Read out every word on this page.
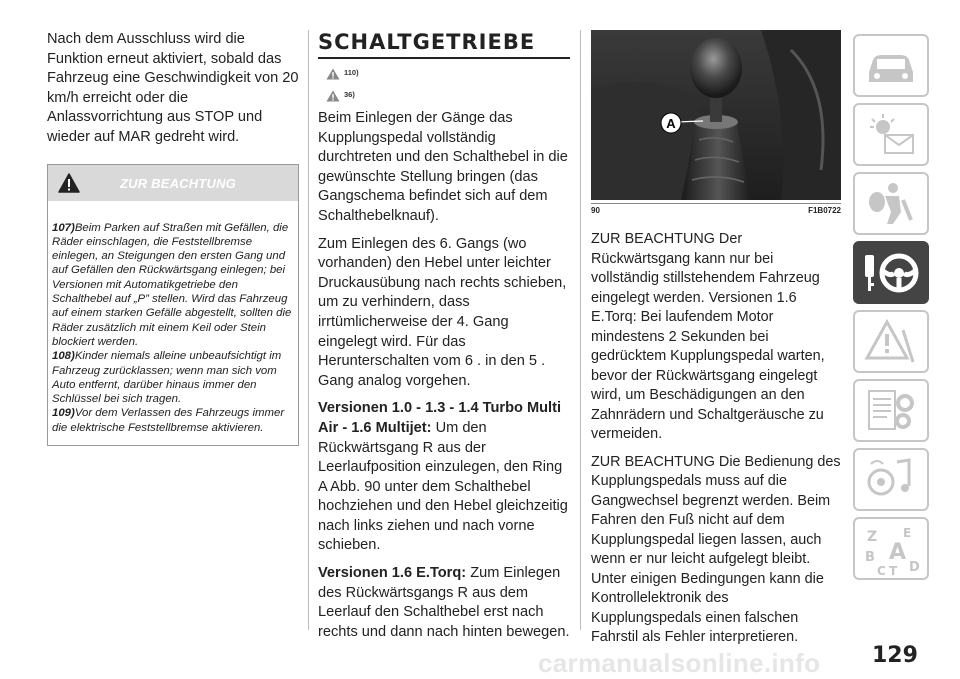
Nach dem Ausschluss wird die Funktion erneut aktiviert, sobald das Fahrzeug eine Geschwindigkeit von 20 km/h erreicht oder die Anlassvorrichtung aus STOP und wieder auf MAR gedreht wird.

ZUR BEACHTUNG

107)Beim Parken auf Straßen mit Gefällen, die Räder einschlagen, die Feststellbremse einlegen, an Steigungen den ersten Gang und auf Gefällen den Rückwärtsgang einlegen; bei Versionen mit Automatikgetriebe den Schalthebel auf „P” stellen. Wird das Fahrzeug auf einem starken Gefälle abgestellt, sollten die Räder zusätzlich mit einem Keil oder Stein blockiert werden.

108)Kinder niemals alleine unbeaufsichtigt im Fahrzeug zurücklassen; wenn man sich vom Auto entfernt, darüber hinaus immer den Schlüssel bei sich tragen.

109)Vor dem Verlassen des Fahrzeugs immer die elektrische Feststellbremse aktivieren.

SCHALTGETRIEBE
110)
36)

Beim Einlegen der Gänge das Kupplungspedal vollständig durchtreten und den Schalthebel in die gewünschte Stellung bringen (das Gangschema befindet sich auf dem Schalthebelknauf).

Zum Einlegen des 6. Gangs (wo vorhanden) den Hebel unter leichter Druckausübung nach rechts schieben, um zu verhindern, dass irrtümlicherweise der 4. Gang eingelegt wird. Für das Herunterschalten vom 6 . in den 5 . Gang analog vorgehen.

Versionen 1.0 - 1.3 - 1.4 Turbo Multi Air - 1.6 Multijet: Um den Rückwärtsgang R aus der Leerlaufposition einzulegen, den Ring A Abb. 90 unter dem Schalthebel hochziehen und den Hebel gleichzeitig nach links ziehen und nach vorne schieben.

Versionen 1.6 E.Torq: Zum Einlegen des Rückwärtsgangs R aus dem Leerlauf den Schalthebel erst nach rechts und dann nach hinten bewegen.

A
90	F1B0722

ZUR BEACHTUNG Der Rückwärtsgang kann nur bei vollständig stillstehendem Fahrzeug eingelegt werden. Versionen 1.6 E.Torq: Bei laufendem Motor mindestens 2 Sekunden bei gedrücktem Kupplungspedal warten, bevor der Rückwärtsgang eingelegt wird, um Beschädigungen an den Zahnrädern und Schaltgeräusche zu vermeiden.

ZUR BEACHTUNG Die Bedienung des Kupplungspedals muss auf die Gangwechsel begrenzt werden. Beim Fahren den Fuß nicht auf dem Kupplungspedal liegen lassen, auch wenn er nur leicht aufgelegt bleibt. Unter einigen Bedingungen kann die Kontrollelektronik des Kupplungspedals einen falschen Fahrstil als Fehler interpretieren.

Z E
B A
C T D
carmanualsonline.info 129
